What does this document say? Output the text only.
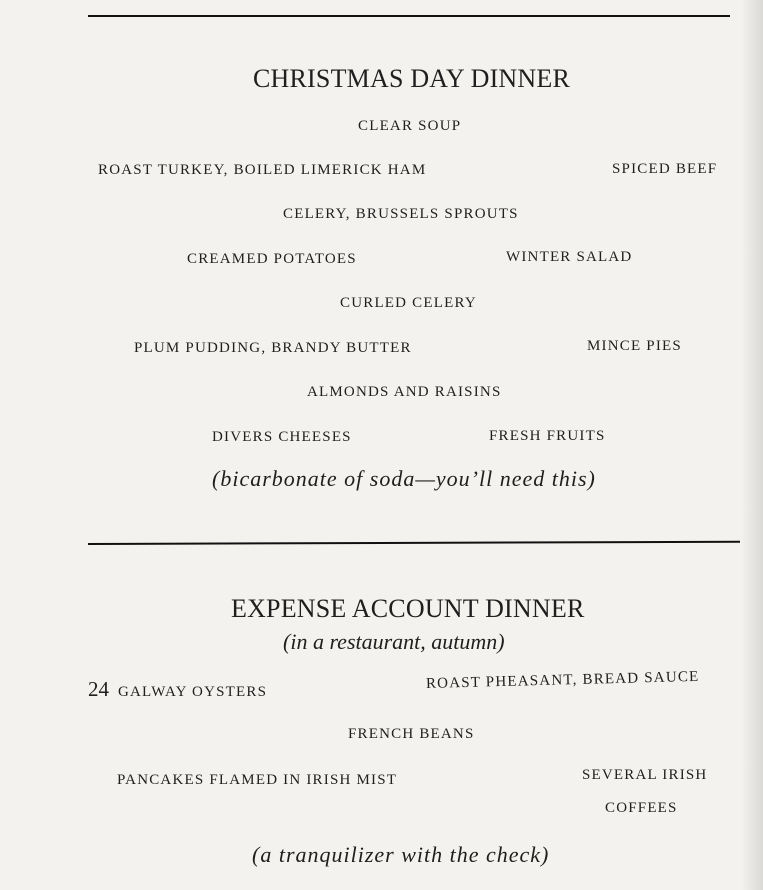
CHRISTMAS DAY DINNER
CLEAR SOUP
ROAST TURKEY, BOILED LIMERICK HAM	SPICED BEEF
CELERY, BRUSSELS SPROUTS
CREAMED POTATOES	WINTER SALAD
CURLED CELERY
PLUM PUDDING, BRANDY BUTTER	MINCE PIES
ALMONDS AND RAISINS
DIVERS CHEESES	FRESH FRUITS
(bicarbonate of soda—you’ll need this)
EXPENSE ACCOUNT DINNER
(in a restaurant, autumn)
24 GALWAY OYSTERS
ROAST PHEASANT, BREAD SAUCE
FRENCH BEANS
PANCAKES FLAMED IN IRISH MIST	SEVERAL IRISH
COFFEES
(a tranquilizer with the check)
